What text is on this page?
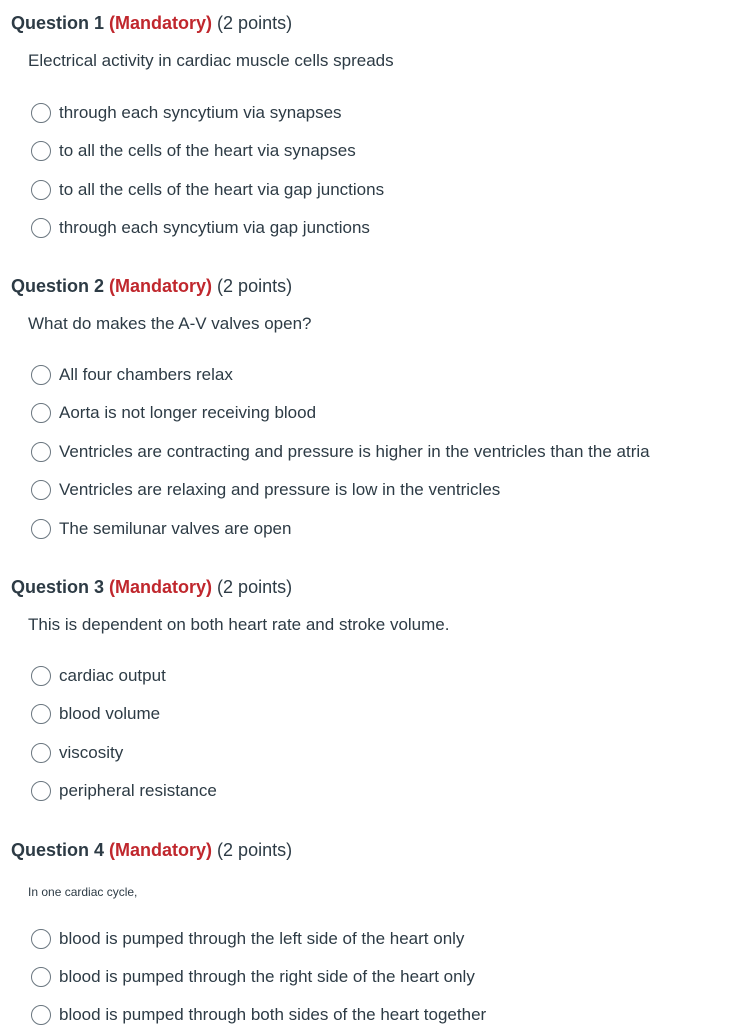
Question 1 (Mandatory) (2 points)
Electrical activity in cardiac muscle cells spreads
through each syncytium via synapses
to all the cells of the heart via synapses
to all the cells of the heart via gap junctions
through each syncytium via gap junctions
Question 2 (Mandatory) (2 points)
What do makes the A-V valves open?
All four chambers relax
Aorta is not longer receiving blood
Ventricles are contracting and pressure is higher in the ventricles than the atria
Ventricles are relaxing and pressure is low in the ventricles
The semilunar valves are open
Question 3 (Mandatory) (2 points)
This is dependent on both heart rate and stroke volume.
cardiac output
blood volume
viscosity
peripheral resistance
Question 4 (Mandatory) (2 points)
In one cardiac cycle,
blood is pumped through the left side of the heart only
blood is pumped through the right side of the heart only
blood is pumped through both sides of the heart together
